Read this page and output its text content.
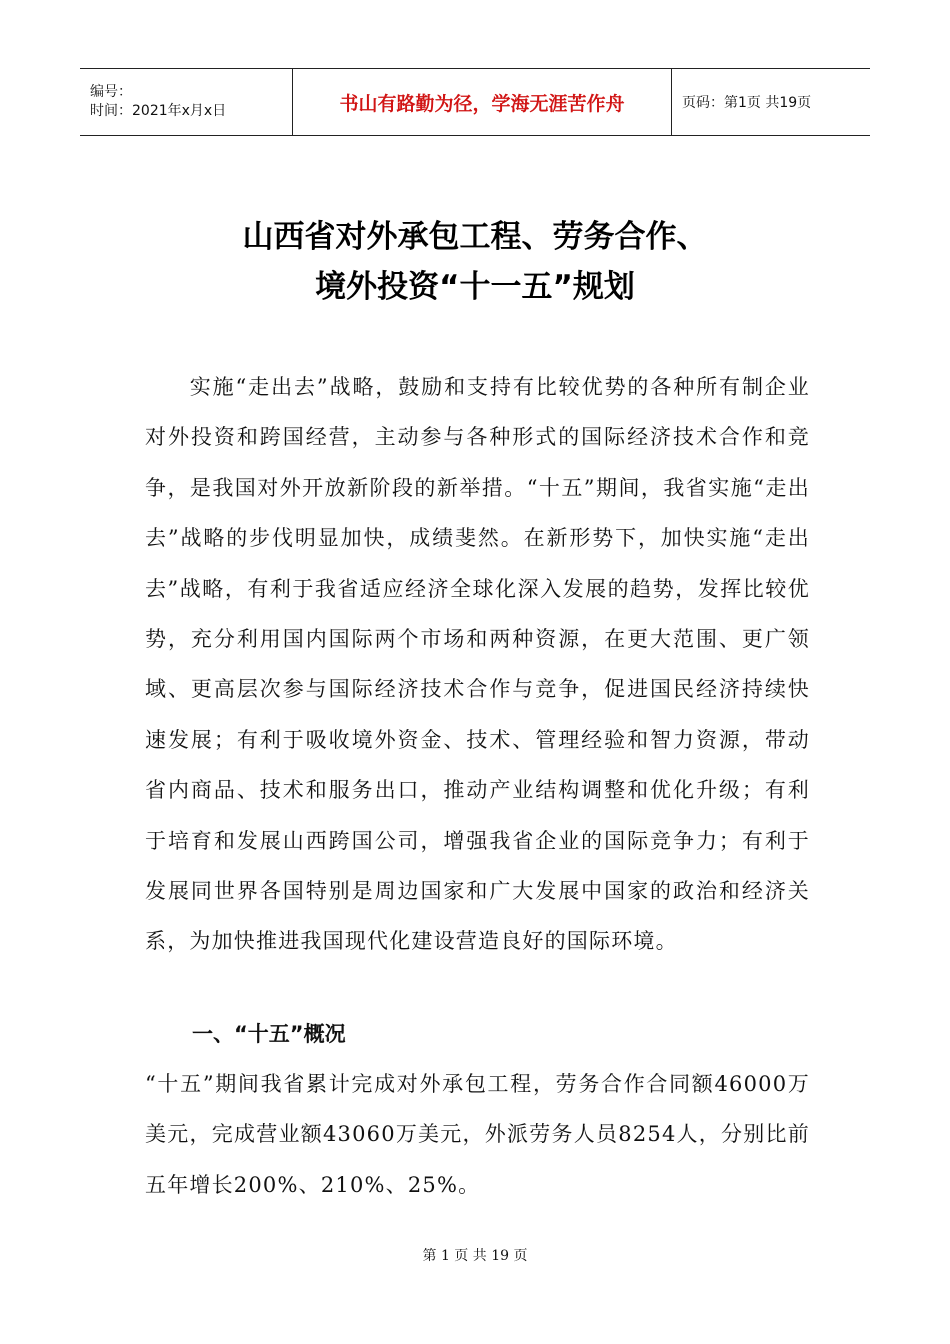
编号：
时间：2021年x月x日	书山有路勤为径，学海无涯苦作舟	页码：第1页 共19页
山西省对外承包工程、劳务合作、
境外投资“十一五”规划

实施“走出去”战略，鼓励和支持有比较优势的各种所有制企业对外投资和跨国经营，主动参与各种形式的国际经济技术合作和竞争，是我国对外开放新阶段的新举措。“十五”期间，我省实施“走出去”战略的步伐明显加快，成绩斐然。在新形势下，加快实施“走出去”战略，有利于我省适应经济全球化深入发展的趋势，发挥比较优势，充分利用国内国际两个市场和两种资源，在更大范围、更广领域、更高层次参与国际经济技术合作与竞争，促进国民经济持续快速发展；有利于吸收境外资金、技术、管理经验和智力资源，带动省内商品、技术和服务出口，推动产业结构调整和优化升级；有利于培育和发展山西跨国公司，增强我省企业的国际竞争力；有利于发展同世界各国特别是周边国家和广大发展中国家的政治和经济关系，为加快推进我国现代化建设营造良好的国际环境。

一、“十五”概况

“十五”期间我省累计完成对外承包工程，劳务合作合同额46000万美元，完成营业额43060万美元，外派劳务人员8254人，分别比前五年增长200%、210%、25%。

第 1 页 共 19 页
